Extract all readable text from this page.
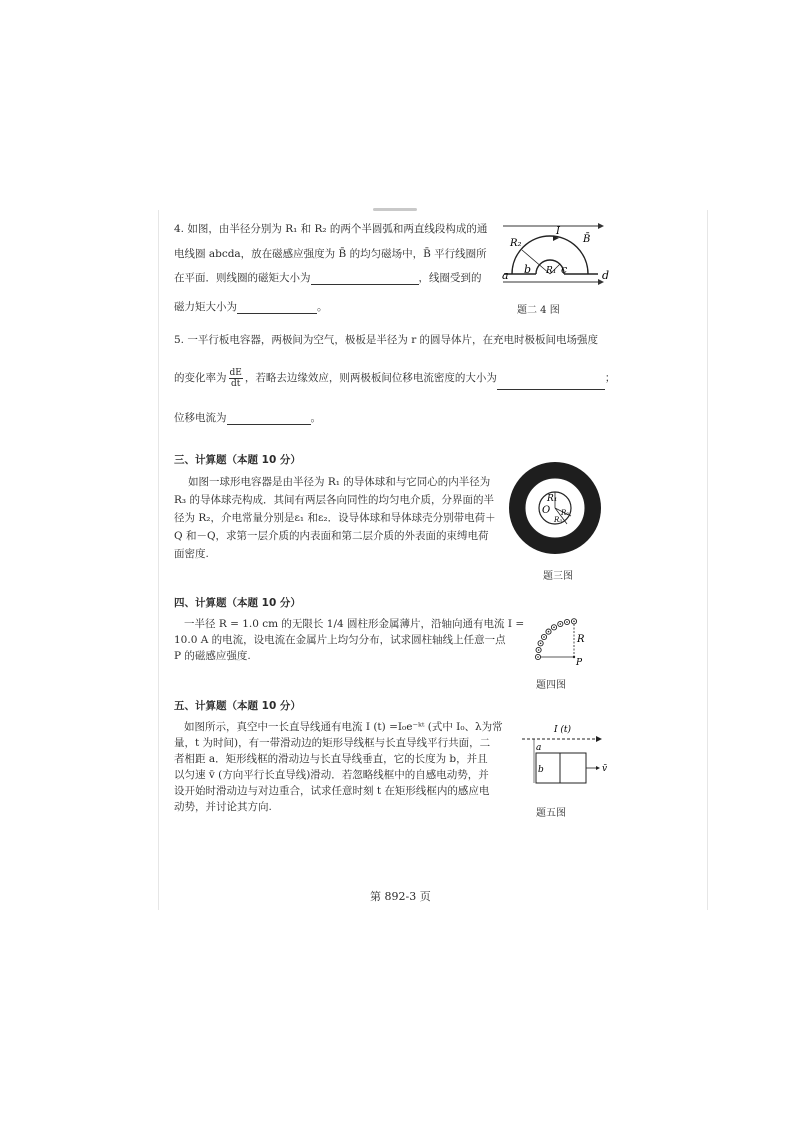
4. 如图，由半径分别为 R₁ 和 R₂ 的两个半圆弧和两直线段构成的通
电线圈 abcda，放在磁感应强度为 B̄ 的均匀磁场中，B̄ 平行线圈所
在平面．则线圈的磁矩大小为	，线圈受到的
磁力矩大小为	。
R₂
I
B̄
a b R₁ c	d
题二 4 图
5. 一平行板电容器，两极间为空气，极板是半径为 r 的圆导体片，在充电时极板间电场强度
的变化率为 $\frac{dE}{dt}$ ，若略去边缘效应，则两极板间位移电流密度的大小为	；
位移电流为	。
三、计算题（本题 10 分）
如图一球形电容器是由半径为 R₁ 的导体球和与它同心的内半径为
R₃ 的导体球壳构成．其间有两层各向同性的均匀电介质，分界面的半
径为 R₂，介电常量分别是ε₁ 和ε₂．设导体球和导体球壳分别带电荷＋
Q 和－Q，求第一层介质的内表面和第二层介质的外表面的束缚电荷
面密度.
R₁
O R₂
R₃
题三图
四、计算题（本题 10 分）
一半径 R = 1.0 cm 的无限长 1/4 圆柱形金属薄片，沿轴向通有电流 I =
10.0 A 的电流，设电流在金属片上均匀分布，试求圆柱轴线上任意一点
P 的磁感应强度.
R
P
题四图
五、计算题（本题 10 分）
如图所示，真空中一长直导线通有电流 I (t) =I₀e⁻ᵏᵗ (式中 I₀、λ为常
量，t 为时间)，有一带滑动边的矩形导线框与长直导线平行共面，二
者相距 a．矩形线框的滑动边与长直导线垂直，它的长度为 b，并且
以匀速 v̄ (方向平行长直导线)滑动．若忽略线框中的自感电动势，并
设开始时滑动边与对边重合，试求任意时刻 t 在矩形线框内的感应电
动势，并讨论其方向.
I (t)
a
b	v̄
题五图
第 892-3 页
